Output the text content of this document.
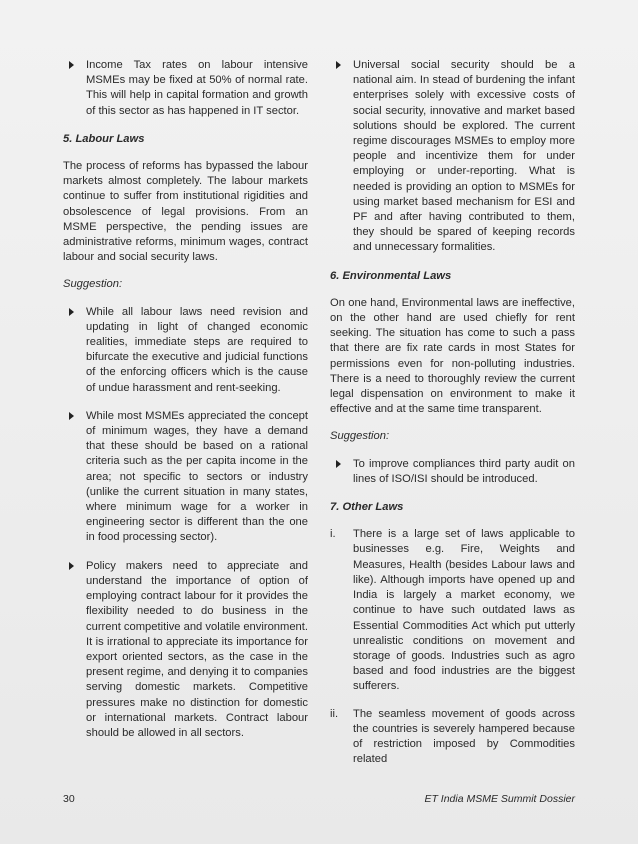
Income Tax rates on labour intensive MSMEs may be fixed at 50% of normal rate. This will help in capital formation and growth of this sector as has happened in IT sector.
5. Labour Laws
The process of reforms has bypassed the labour markets almost completely. The labour markets continue to suffer from institutional rigidities and obsolescence of legal provisions. From an MSME perspective, the pending issues are administrative reforms, minimum wages, contract labour and social security laws.
Suggestion:
While all labour laws need revision and updating in light of changed economic realities, immediate steps are required to bifurcate the executive and judicial functions of the enforcing officers which is the cause of undue harassment and rent-seeking.
While most MSMEs appreciated the concept of minimum wages, they have a demand that these should be based on a rational criteria such as the per capita income in the area; not specific to sectors or industry (unlike the current situation in many states, where minimum wage for a worker in engineering sector is different than the one in food processing sector).
Policy makers need to appreciate and understand the importance of option of employing contract labour for it provides the flexibility needed to do business in the current competitive and volatile environment. It is irrational to appreciate its importance for export oriented sectors, as the case in the present regime, and denying it to companies serving domestic markets. Competitive pressures make no distinction for domestic or international markets. Contract labour should be allowed in all sectors.
Universal social security should be a national aim. In stead of burdening the infant enterprises solely with excessive costs of social security, innovative and market based solutions should be explored. The current regime discourages MSMEs to employ more people and incentivize them for under employing or under-reporting. What is needed is providing an option to MSMEs for using market based mechanism for ESI and PF and after having contributed to them, they should be spared of keeping records and unnecessary formalities.
6. Environmental Laws
On one hand, Environmental laws are ineffective, on the other hand are used chiefly for rent seeking. The situation has come to such a pass that there are fix rate cards in most States for permissions even for non-polluting industries. There is a need to thoroughly review the current legal dispensation on environment to make it effective and at the same time transparent.
Suggestion:
To improve compliances third party audit on lines of ISO/ISI should be introduced.
7. Other Laws
i. There is a large set of laws applicable to businesses e.g. Fire, Weights and Measures, Health (besides Labour laws and like). Although imports have opened up and India is largely a market economy, we continue to have such outdated laws as Essential Commodities Act which put utterly unrealistic conditions on movement and storage of goods. Industries such as agro based and food industries are the biggest sufferers.
ii. The seamless movement of goods across the countries is severely hampered because of restriction imposed by Commodities related
30	ET India MSME Summit Dossier
